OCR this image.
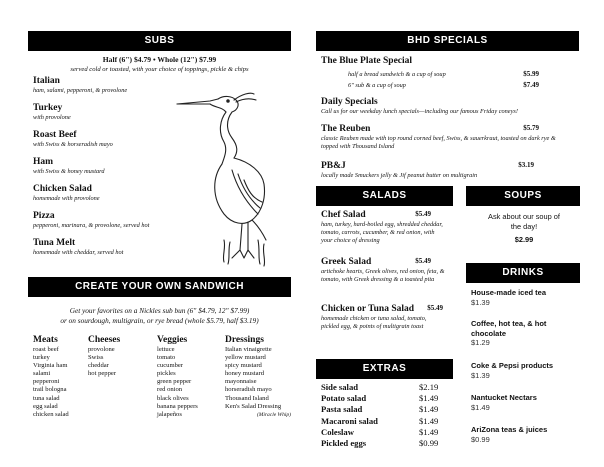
SUBS
Half (6") $4.79 • Whole (12") $7.99
served cold or toasted, with your choice of toppings, pickle & chips
Italian
ham, salami, pepperoni, & provolone
Turkey
with provolone
Roast Beef
with Swiss & horseradish mayo
Ham
with Swiss & honey mustard
Chicken Salad
homemade with provolone
Pizza
pepperoni, marinara, & provolone, served hot
Tuna Melt
homemade with cheddar, served hot
CREATE YOUR OWN SANDWICH
Get your favorites on a Nickles sub bun (6" $4.79, 12" $7.99)
or on sourdough, multigrain, or rye bread (whole $5.79, half $3.19)
Meats
roast beef
turkey
Virginia ham
salami
pepperoni
trail bologna
tuna salad
egg salad
chicken salad
Cheeses
provolone
Swiss
cheddar
hot pepper
Veggies
lettuce
tomato
cucumber
pickles
green pepper
red onion
black olives
banana peppers
jalapeños
Dressings
Italian vinaigrette
yellow mustard
spicy mustard
honey mustard
mayonnaise
horseradish mayo
Thousand Island
Ken's Salad Dressing
(Miracle Whip)
BHD SPECIALS
The Blue Plate Special
half a bread sandwich & a cup of soup	$5.99
6" sub & a cup of soup	$7.49
Daily Specials
Call us for our weekday lunch specials—including our famous Friday coneys!
The Reuben	$5.79
classic Reuben made with top round corned beef, Swiss, & sauerkraut, toasted on dark rye & topped with Thousand Island
PB&J	$3.19
locally made Smuckers jelly & Jif peanut butter on multigrain
SALADS
Chef Salad	$5.49
ham, turkey, hard-boiled egg, shredded cheddar, tomato, carrots, cucumber, & red onion, with your choice of dressing
Greek Salad	$5.49
artichoke hearts, Greek olives, red onion, feta, & tomato, with Greek dressing & a toasted pita
Chicken or Tuna Salad $5.49
homemade chicken or tuna salad, tomato, pickled egg, & points of multigrain toast
SOUPS
Ask about our soup of the day!
$2.99
DRINKS
House-made iced tea
$1.39
Coffee, hot tea, & hot chocolate
$1.29
Coke & Pepsi products
$1.39
Nantucket Nectars
$1.49
AriZona teas & juices
$0.99
EXTRAS
Side salad	$2.19
Potato salad	$1.49
Pasta salad	$1.49
Macaroni salad	$1.49
Coleslaw	$1.49
Pickled eggs	$0.99
